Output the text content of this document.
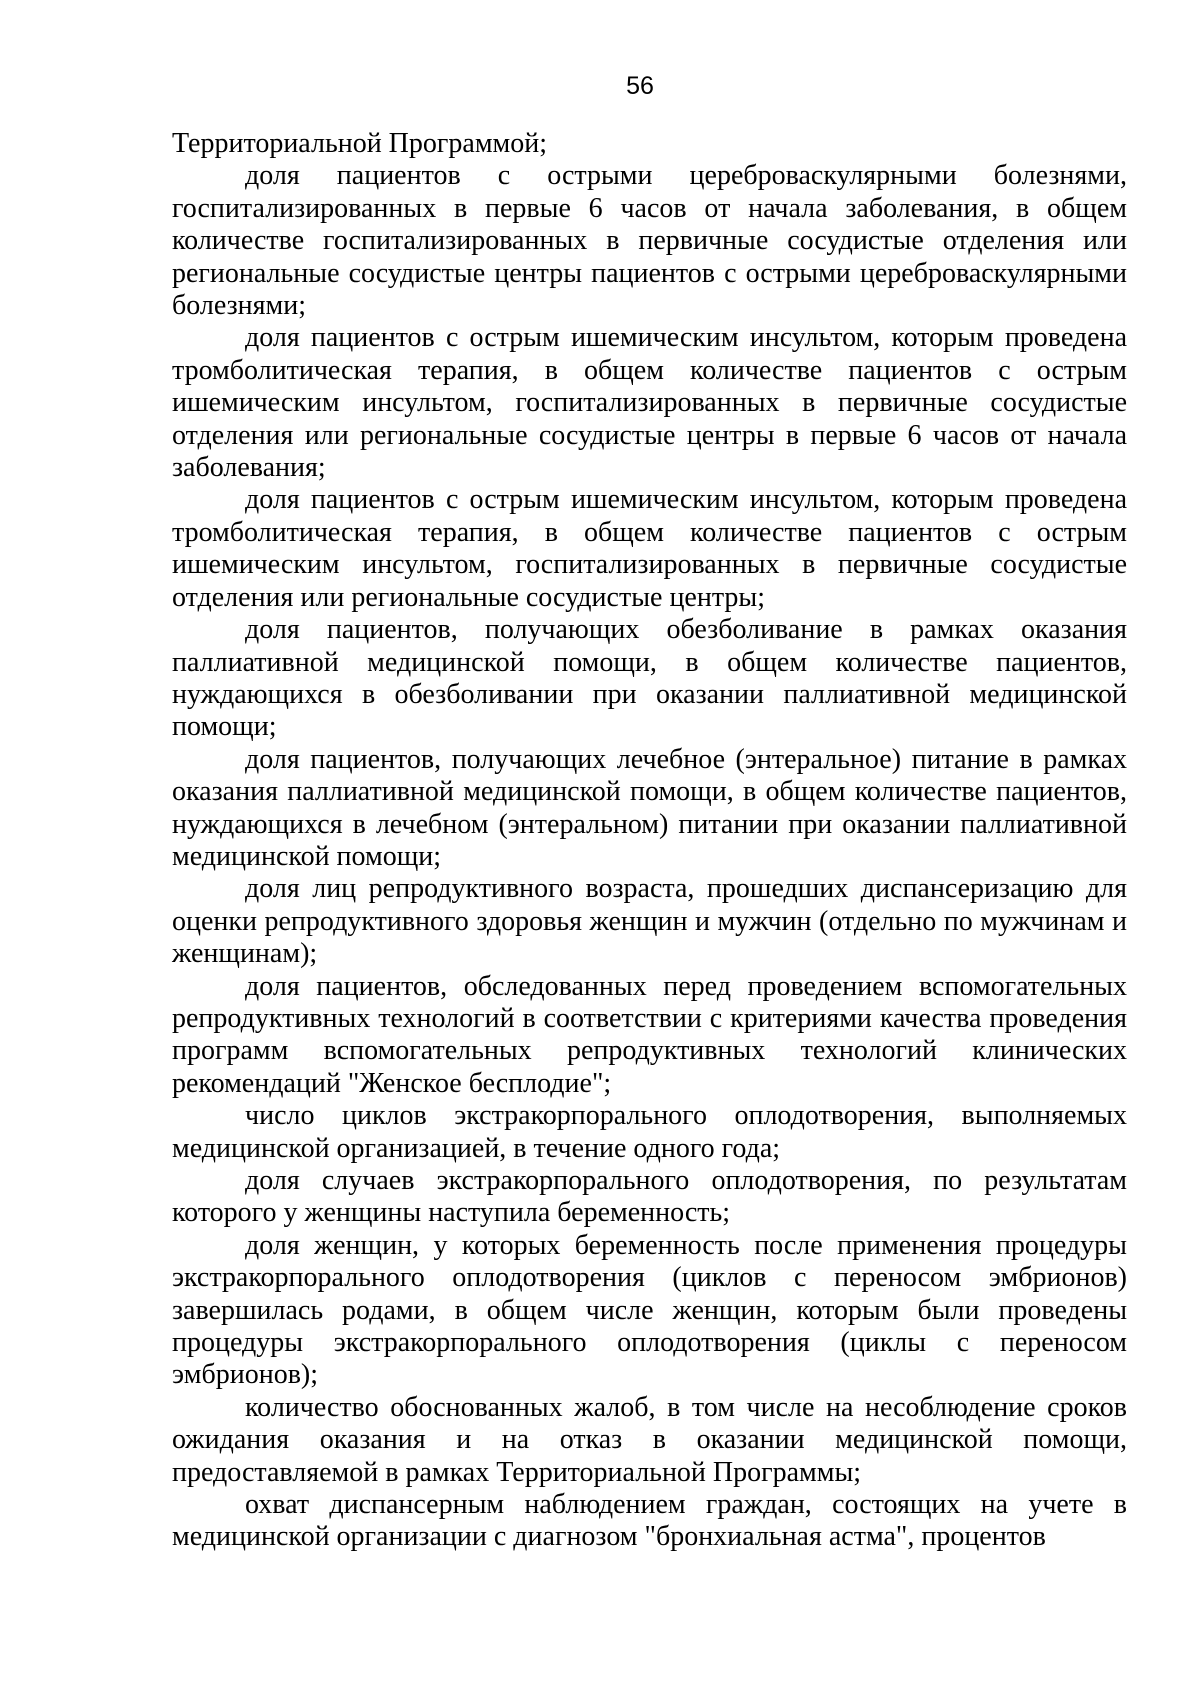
56

Территориальной Программой;

доля пациентов с острыми цереброваскулярными болезнями, госпитализированных в первые 6 часов от начала заболевания, в общем количестве госпитализированных в первичные сосудистые отделения или региональные сосудистые центры пациентов с острыми цереброваскулярными болезнями;

доля пациентов с острым ишемическим инсультом, которым проведена тромболитическая терапия, в общем количестве пациентов с острым ишемическим инсультом, госпитализированных в первичные сосудистые отделения или региональные сосудистые центры в первые 6 часов от начала заболевания;

доля пациентов с острым ишемическим инсультом, которым проведена тромболитическая терапия, в общем количестве пациентов с острым ишемическим инсультом, госпитализированных в первичные сосудистые отделения или региональные сосудистые центры;

доля пациентов, получающих обезболивание в рамках оказания паллиативной медицинской помощи, в общем количестве пациентов, нуждающихся в обезболивании при оказании паллиативной медицинской помощи;

доля пациентов, получающих лечебное (энтеральное) питание в рамках оказания паллиативной медицинской помощи, в общем количестве пациентов, нуждающихся в лечебном (энтеральном) питании при оказании паллиативной медицинской помощи;

доля лиц репродуктивного возраста, прошедших диспансеризацию для оценки репродуктивного здоровья женщин и мужчин (отдельно по мужчинам и женщинам);

доля пациентов, обследованных перед проведением вспомогательных репродуктивных технологий в соответствии с критериями качества проведения программ вспомогательных репродуктивных технологий клинических рекомендаций "Женское бесплодие";

число циклов экстракорпорального оплодотворения, выполняемых медицинской организацией, в течение одного года;

доля случаев экстракорпорального оплодотворения, по результатам которого у женщины наступила беременность;

доля женщин, у которых беременность после применения процедуры экстракорпорального оплодотворения (циклов с переносом эмбрионов) завершилась родами, в общем числе женщин, которым были проведены процедуры экстракорпорального оплодотворения (циклы с переносом эмбрионов);

количество обоснованных жалоб, в том числе на несоблюдение сроков ожидания оказания и на отказ в оказании медицинской помощи, предоставляемой в рамках Территориальной Программы;

охват диспансерным наблюдением граждан, состоящих на учете в медицинской организации с диагнозом "бронхиальная астма", процентов
